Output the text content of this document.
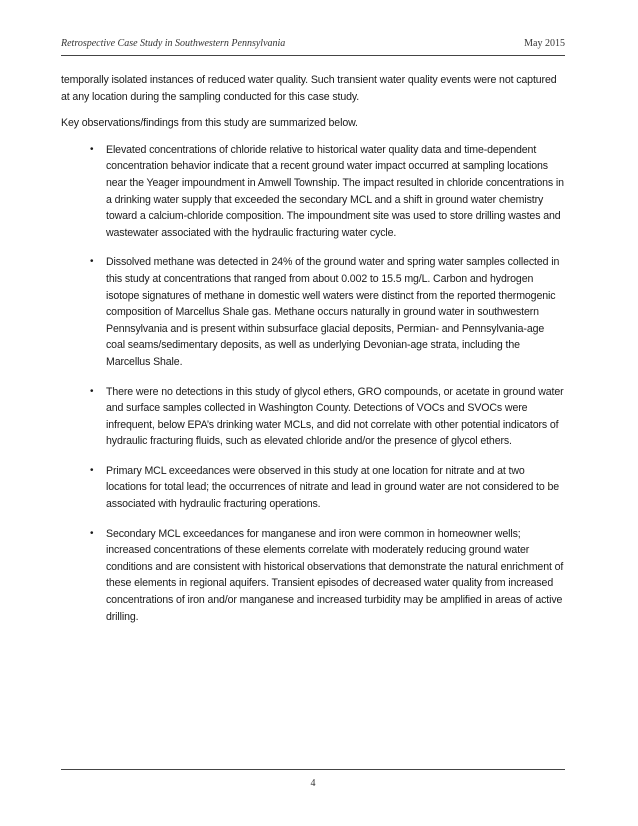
Retrospective Case Study in Southwestern Pennsylvania	May 2015

temporally isolated instances of reduced water quality. Such transient water quality events were not captured at any location during the sampling conducted for this case study.

Key observations/findings from this study are summarized below.

• Elevated concentrations of chloride relative to historical water quality data and time-dependent concentration behavior indicate that a recent ground water impact occurred at sampling locations near the Yeager impoundment in Amwell Township. The impact resulted in chloride concentrations in a drinking water supply that exceeded the secondary MCL and a shift in ground water chemistry toward a calcium-chloride composition. The impoundment site was used to store drilling wastes and wastewater associated with the hydraulic fracturing water cycle.
• Dissolved methane was detected in 24% of the ground water and spring water samples collected in this study at concentrations that ranged from about 0.002 to 15.5 mg/L. Carbon and hydrogen isotope signatures of methane in domestic well waters were distinct from the reported thermogenic composition of Marcellus Shale gas. Methane occurs naturally in ground water in southwestern Pennsylvania and is present within subsurface glacial deposits, Permian- and Pennsylvania-age coal seams/sedimentary deposits, as well as underlying Devonian-age strata, including the Marcellus Shale.
• There were no detections in this study of glycol ethers, GRO compounds, or acetate in ground water and surface samples collected in Washington County. Detections of VOCs and SVOCs were infrequent, below EPA’s drinking water MCLs, and did not correlate with other potential indicators of hydraulic fracturing fluids, such as elevated chloride and/or the presence of glycol ethers.
• Primary MCL exceedances were observed in this study at one location for nitrate and at two locations for total lead; the occurrences of nitrate and lead in ground water are not considered to be associated with hydraulic fracturing operations.
• Secondary MCL exceedances for manganese and iron were common in homeowner wells; increased concentrations of these elements correlate with moderately reducing ground water conditions and are consistent with historical observations that demonstrate the natural enrichment of these elements in regional aquifers. Transient episodes of decreased water quality from increased concentrations of iron and/or manganese and increased turbidity may be amplified in areas of active drilling.
4
